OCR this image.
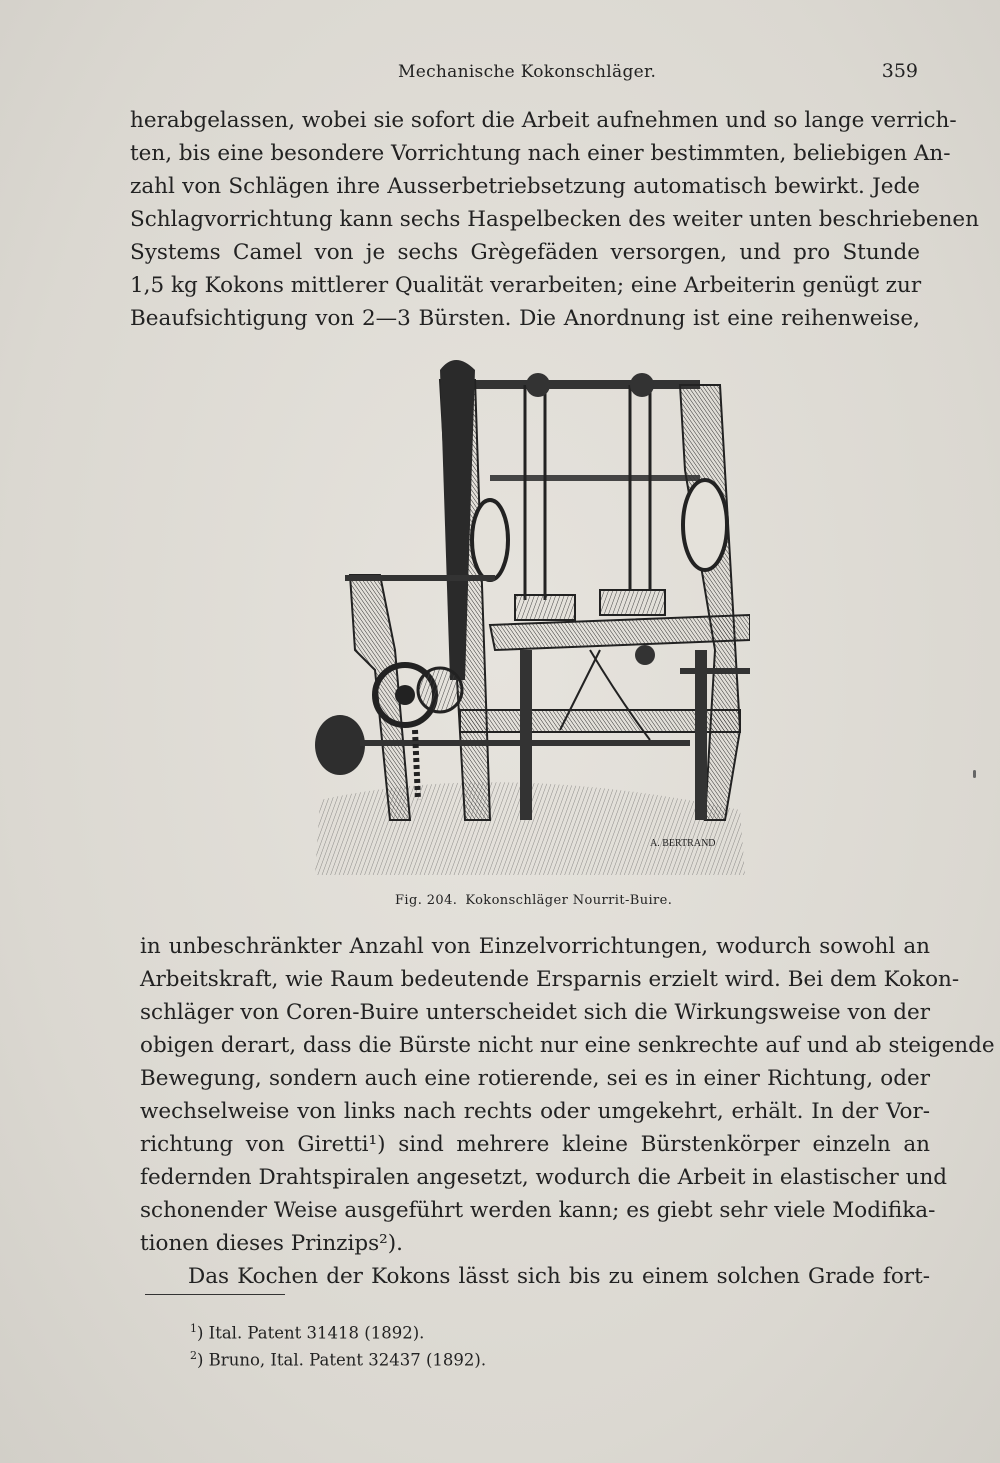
Mechanische Kokonschläger.	359
herabgelassen, wobei sie sofort die Arbeit aufnehmen und so lange verrich-
ten, bis eine besondere Vorrichtung nach einer bestimmten, beliebigen An-
zahl von Schlägen ihre Ausserbetriebsetzung automatisch bewirkt. Jede
Schlagvorrichtung kann sechs Haspelbecken des weiter unten beschriebenen
Systems Camel von je sechs Grègefäden versorgen, und pro Stunde
1,5 kg Kokons mittlerer Qualität verarbeiten; eine Arbeiterin genügt zur
Beaufsichtigung von 2—3 Bürsten. Die Anordnung ist eine reihenweise,
A. BERTRAND
Fig. 204. Kokonschläger Nourrit-Buire.
in unbeschränkter Anzahl von Einzelvorrichtungen, wodurch sowohl an
Arbeitskraft, wie Raum bedeutende Ersparnis erzielt wird. Bei dem Kokon-
schläger von Coren-Buire unterscheidet sich die Wirkungsweise von der
obigen derart, dass die Bürste nicht nur eine senkrechte auf und ab steigende
Bewegung, sondern auch eine rotierende, sei es in einer Richtung, oder
wechselweise von links nach rechts oder umgekehrt, erhält. In der Vor-
richtung von Giretti¹) sind mehrere kleine Bürstenkörper einzeln an
federnden Drahtspiralen angesetzt, wodurch die Arbeit in elastischer und
schonender Weise ausgeführt werden kann; es giebt sehr viele Modifika-
tionen dieses Prinzips²).
Das Kochen der Kokons lässt sich bis zu einem solchen Grade fort-
$^1$) Ital. Patent 31418 (1892).
$^2$) Bruno, Ital. Patent 32437 (1892).
